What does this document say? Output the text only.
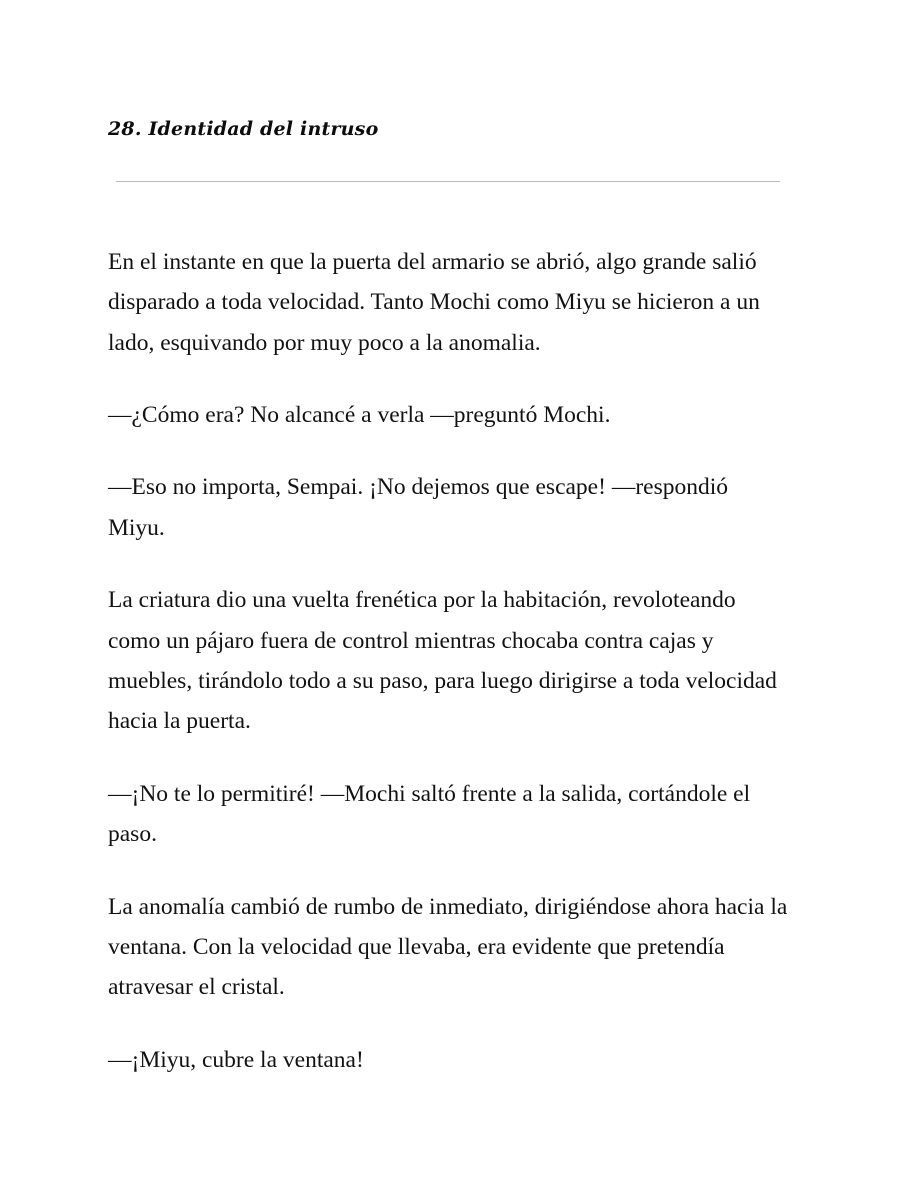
28. Identidad del intruso

En el instante en que la puerta del armario se abrió, algo grande salió disparado a toda velocidad. Tanto Mochi como Miyu se hicieron a un lado, esquivando por muy poco a la anomalia.

—¿Cómo era? No alcancé a verla —preguntó Mochi.

—Eso no importa, Sempai. ¡No dejemos que escape! —respondió Miyu.

La criatura dio una vuelta frenética por la habitación, revoloteando como un pájaro fuera de control mientras chocaba contra cajas y muebles, tirándolo todo a su paso, para luego dirigirse a toda velocidad hacia la puerta.

—¡No te lo permitiré! —Mochi saltó frente a la salida, cortándole el paso.

La anomalía cambió de rumbo de inmediato, dirigiéndose ahora hacia la ventana. Con la velocidad que llevaba, era evidente que pretendía atravesar el cristal.

—¡Miyu, cubre la ventana!
